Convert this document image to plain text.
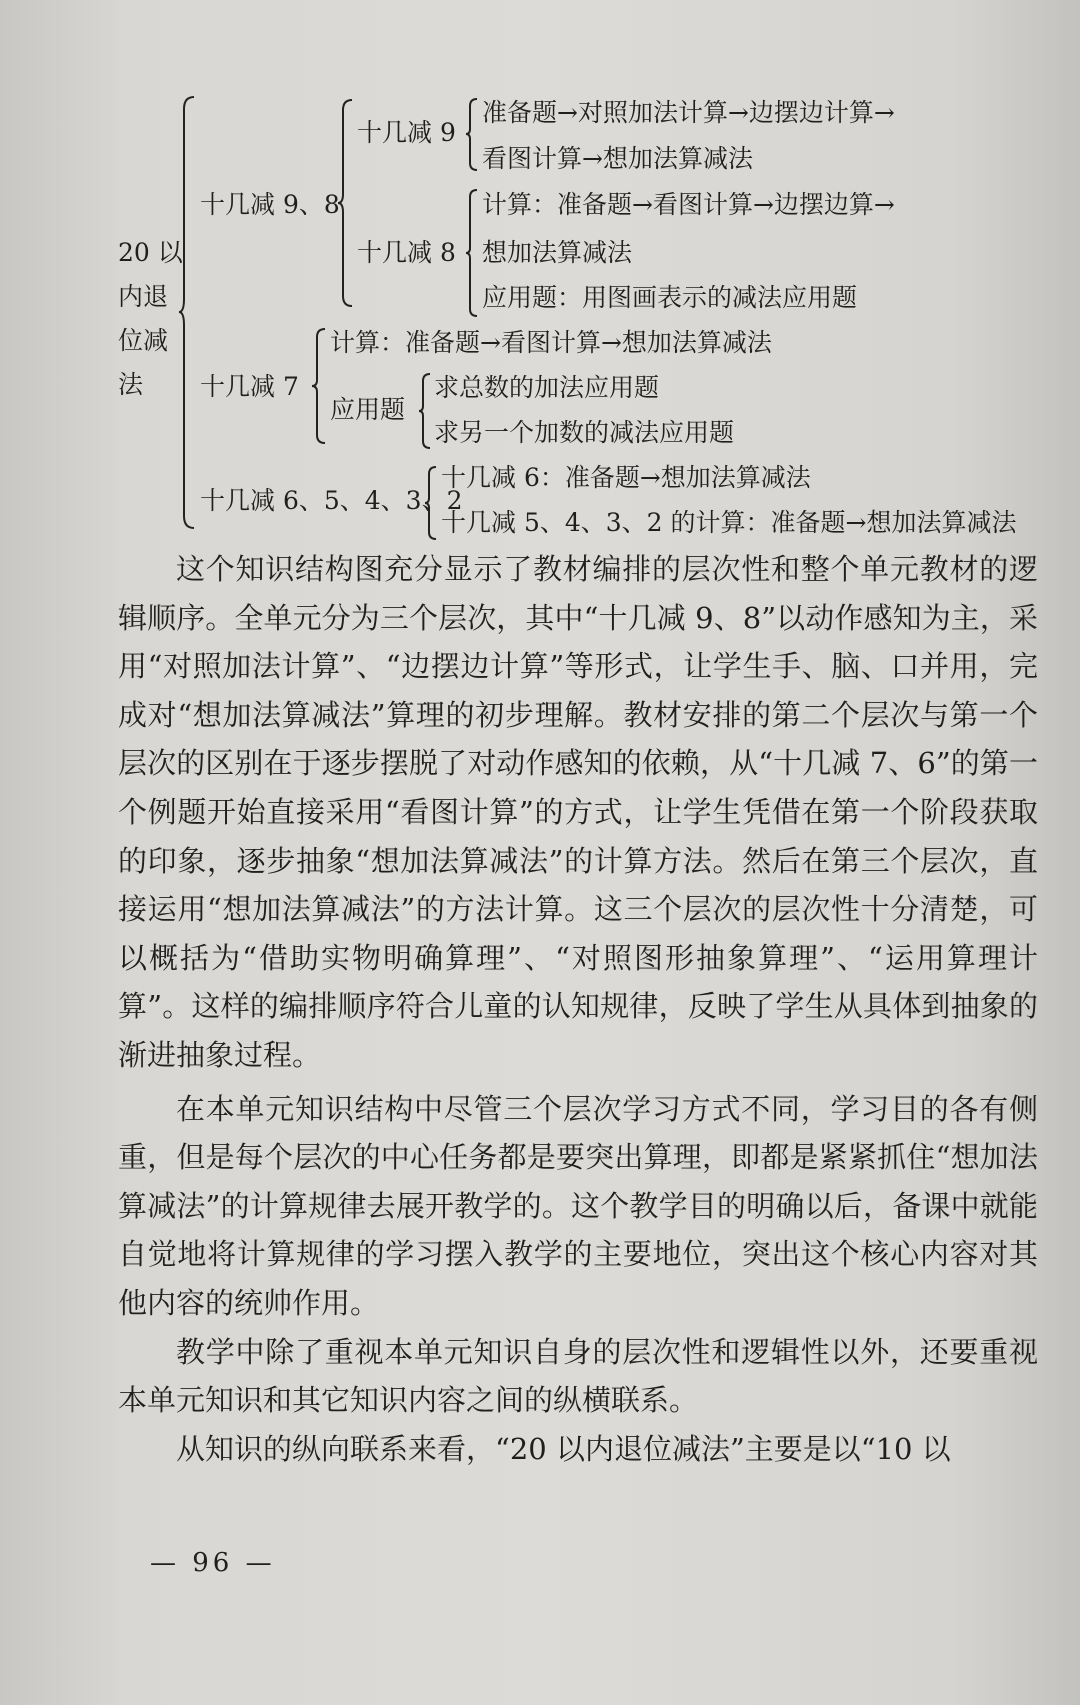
20 以
内退
位减
法
十几减 9、8
十几减 9
准备题→对照加法计算→边摆边计算→
看图计算→想加法算减法
十几减 8
计算：准备题→看图计算→边摆边算→
想加法算减法
应用题：用图画表示的减法应用题
十几减 7
计算：准备题→看图计算→想加法算减法
应用题
求总数的加法应用题
求另一个加数的减法应用题
十几减 6、5、4、3、2
十几减 6：准备题→想加法算减法
十几减 5、4、3、2 的计算：准备题→想加法算减法

这个知识结构图充分显示了教材编排的层次性和整个单元教材的逻辑顺序。全单元分为三个层次，其中“十几减 9、8”以动作感知为主，采用“对照加法计算”、“边摆边计算”等形式，让学生手、脑、口并用，完成对“想加法算减法”算理的初步理解。教材安排的第二个层次与第一个层次的区别在于逐步摆脱了对动作感知的依赖，从“十几减 7、6”的第一个例题开始直接采用“看图计算”的方式，让学生凭借在第一个阶段获取的印象，逐步抽象“想加法算减法”的计算方法。然后在第三个层次，直接运用“想加法算减法”的方法计算。这三个层次的层次性十分清楚，可以概括为“借助实物明确算理”、“对照图形抽象算理”、“运用算理计算”。这样的编排顺序符合儿童的认知规律，反映了学生从具体到抽象的渐进抽象过程。

在本单元知识结构中尽管三个层次学习方式不同，学习目的各有侧重，但是每个层次的中心任务都是要突出算理，即都是紧紧抓住“想加法算减法”的计算规律去展开教学的。这个教学目的明确以后，备课中就能自觉地将计算规律的学习摆入教学的主要地位，突出这个核心内容对其他内容的统帅作用。

教学中除了重视本单元知识自身的层次性和逻辑性以外，还要重视本单元知识和其它知识内容之间的纵横联系。

从知识的纵向联系来看，“20 以内退位减法”主要是以“10 以

— 96 —
